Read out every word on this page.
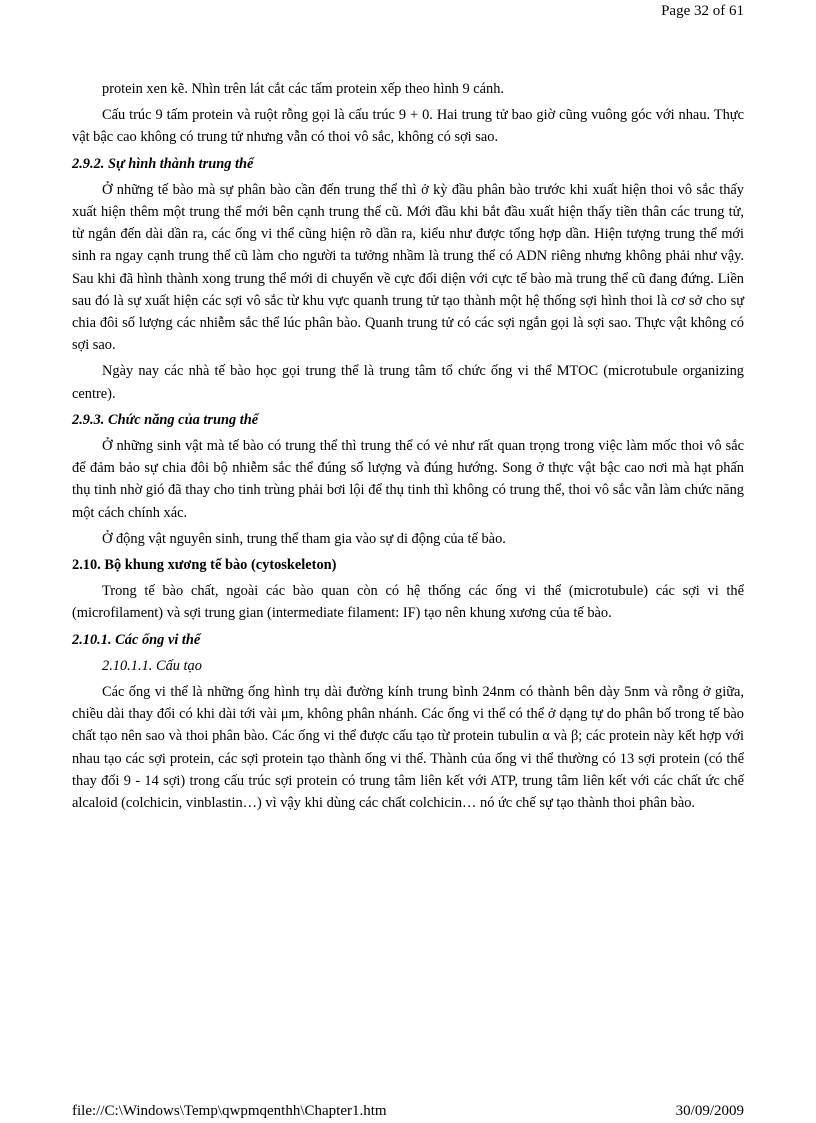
Page 32 of 61

protein xen kẽ. Nhìn trên lát cắt các tấm protein xếp theo hình 9 cánh.

Cấu trúc 9 tấm protein và ruột rỗng gọi là cấu trúc 9 + 0. Hai trung tử bao giờ cũng vuông góc với nhau. Thực vật bậc cao không có trung tử nhưng vẫn có thoi vô sắc, không có sợi sao.

2.9.2. Sự hình thành trung thể

Ở những tế bào mà sự phân bào cần đến trung thể thì ở kỳ đầu phân bào trước khi xuất hiện thoi vô sắc thấy xuất hiện thêm một trung thể mới bên cạnh trung thể cũ. Mới đầu khi bắt đầu xuất hiện thấy tiền thân các trung tử, từ ngắn đến dài dần ra, các ống vi thể cũng hiện rõ dần ra, kiểu như được tổng hợp dần. Hiện tượng trung thể mới sinh ra ngay cạnh trung thể cũ làm cho người ta tưởng nhầm là trung thể có ADN riêng nhưng không phải như vậy. Sau khi đã hình thành xong trung thể mới di chuyển về cực đối diện với cực tế bào mà trung thể cũ đang đứng. Liền sau đó là sự xuất hiện các sợi vô sắc từ khu vực quanh trung tử tạo thành một hệ thống sợi hình thoi là cơ sở cho sự chia đôi số lượng các nhiễm sắc thể lúc phân bào. Quanh trung tử có các sợi ngắn gọi là sợi sao. Thực vật không có sợi sao.

Ngày nay các nhà tế bào học gọi trung thể là trung tâm tổ chức ống vi thể MTOC (microtubule organizing centre).

2.9.3. Chức năng của trung thể

Ở những sinh vật mà tế bào có trung thể thì trung thể có vẻ như rất quan trọng trong việc làm mốc thoi vô sắc để đảm bảo sự chia đôi bộ nhiễm sắc thể đúng số lượng và đúng hướng. Song ở thực vật bậc cao nơi mà hạt phấn thụ tinh nhờ gió đã thay cho tinh trùng phải bơi lội để thụ tinh thì không có trung thể, thoi vô sắc vẫn làm chức năng một cách chính xác.

Ở động vật nguyên sinh, trung thể tham gia vào sự di động của tế bào.

2.10. Bộ khung xương tế bào (cytoskeleton)

Trong tế bào chất, ngoài các bào quan còn có hệ thống các ống vi thể (microtubule) các sợi vi thể (microfilament) và sợi trung gian (intermediate filament: IF) tạo nên khung xương của tế bào.

2.10.1. Các ống vi thể

2.10.1.1. Cấu tạo

Các ống vi thể là những ống hình trụ dài đường kính trung bình 24nm có thành bên dày 5nm và rỗng ở giữa, chiều dài thay đổi có khi dài tới vài μm, không phân nhánh. Các ống vi thể có thể ở dạng tự do phân bố trong tế bào chất tạo nên sao và thoi phân bào. Các ống vi thể được cấu tạo từ protein tubulin α và β; các protein này kết hợp với nhau tạo các sợi protein, các sợi protein tạo thành ống vi thể. Thành của ống vi thể thường có 13 sợi protein (có thể thay đổi 9 - 14 sợi) trong cấu trúc sợi protein có trung tâm liên kết với ATP, trung tâm liên kết với các chất ức chế alcaloid (colchicin, vinblastin…) vì vậy khi dùng các chất colchicin… nó ức chế sự tạo thành thoi phân bào.

file://C:\Windows\Temp\qwpmqenthh\Chapter1.htm	30/09/2009
